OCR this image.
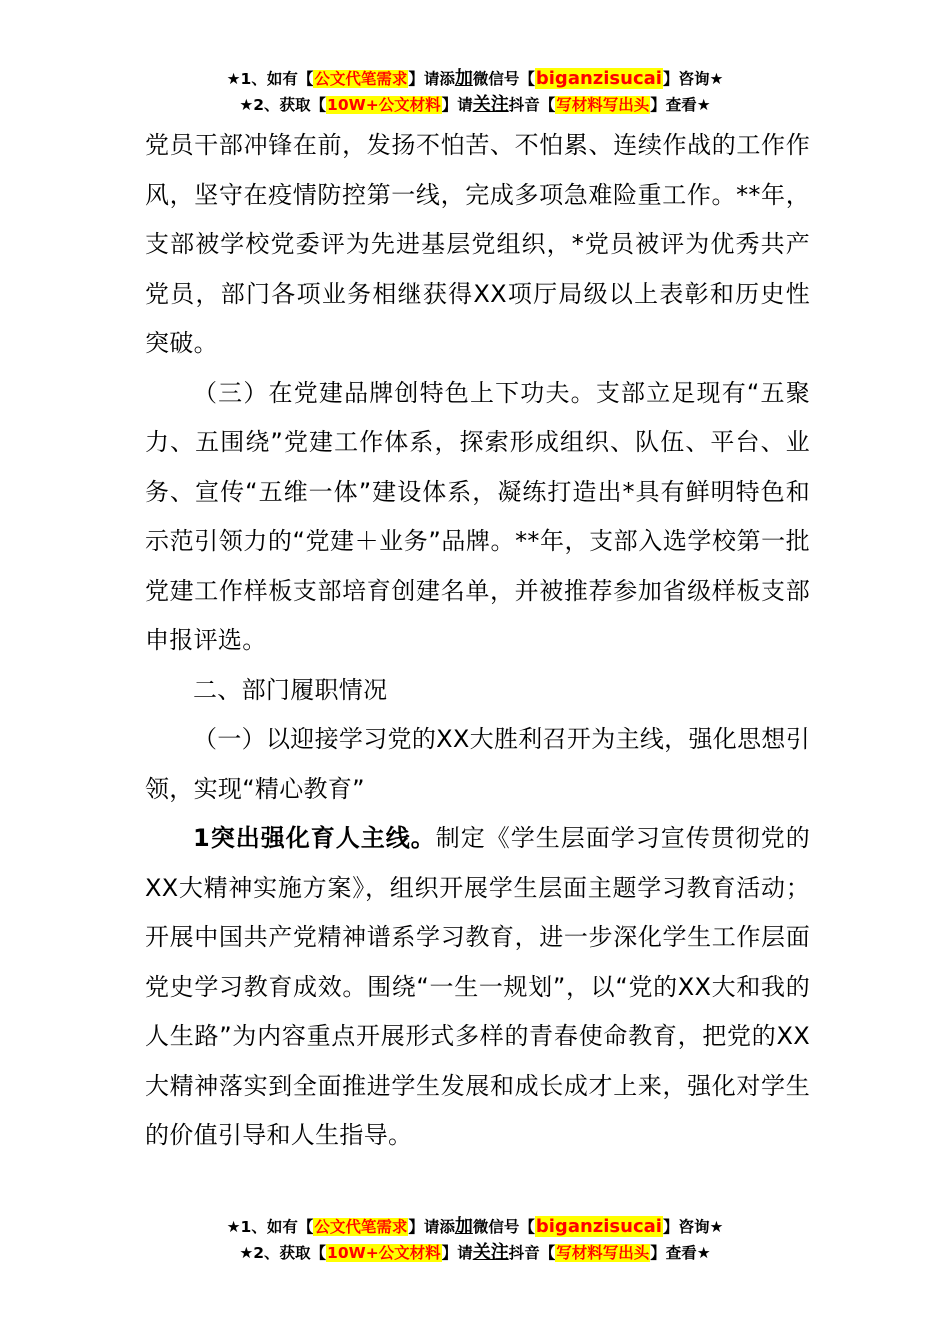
★1、如有【公文代笔需求】请添加微信号【biganzisucai】咨询★
★2、获取【10W+公文材料】请关注抖音【写材料写出头】查看★

党员干部冲锋在前，发扬不怕苦、不怕累、连续作战的工作作风，坚守在疫情防控第一线，完成多项急难险重工作。**年，支部被学校党委评为先进基层党组织，*党员被评为优秀共产党员，部门各项业务相继获得XX项厅局级以上表彰和历史性突破。

（三）在党建品牌创特色上下功夫。支部立足现有“五聚力、五围绕”党建工作体系，探索形成组织、队伍、平台、业务、宣传“五维一体”建设体系，凝练打造出*具有鲜明特色和示范引领力的“党建＋业务”品牌。**年，支部入选学校第一批党建工作样板支部培育创建名单，并被推荐参加省级样板支部申报评选。

二、部门履职情况

（一）以迎接学习党的XX大胜利召开为主线，强化思想引领，实现“精心教育”

1突出强化育人主线。制定《学生层面学习宣传贯彻党的XX大精神实施方案》，组织开展学生层面主题学习教育活动；开展中国共产党精神谱系学习教育，进一步深化学生工作层面党史学习教育成效。围绕“一生一规划”，以“党的XX大和我的人生路”为内容重点开展形式多样的青春使命教育，把党的XX大精神落实到全面推进学生发展和成长成才上来，强化对学生的价值引导和人生指导。

★1、如有【公文代笔需求】请添加微信号【biganzisucai】咨询★
★2、获取【10W+公文材料】请关注抖音【写材料写出头】查看★
